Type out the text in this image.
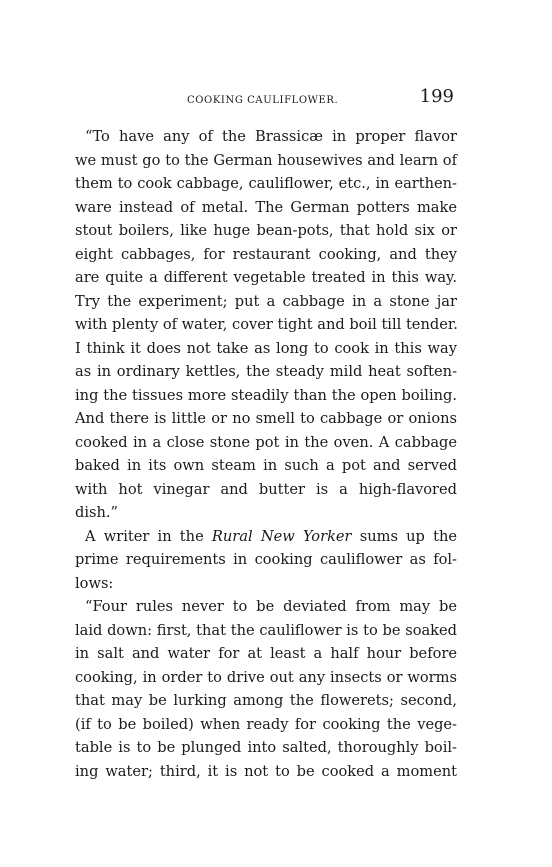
COOKING CAULIFLOWER.	199
“To have any of the Brassicæ in proper flavor
we must go to the German housewives and learn of
them to cook cabbage, cauliflower, etc., in earthen-
ware instead of metal. The German potters make
stout boilers, like huge bean-pots, that hold six or
eight cabbages, for restaurant cooking, and they
are quite a different vegetable treated in this way.
Try the experiment; put a cabbage in a stone jar
with plenty of water, cover tight and boil till tender.
I think it does not take as long to cook in this way
as in ordinary kettles, the steady mild heat soften-
ing the tissues more steadily than the open boiling.
And there is little or no smell to cabbage or onions
cooked in a close stone pot in the oven. A cabbage
baked in its own steam in such a pot and served
with hot vinegar and butter is a high-flavored
dish.”
A writer in the Rural New Yorker sums up the
prime requirements in cooking cauliflower as fol-
lows:
“Four rules never to be deviated from may be
laid down: first, that the cauliflower is to be soaked
in salt and water for at least a half hour before
cooking, in order to drive out any insects or worms
that may be lurking among the flowerets; second,
(if to be boiled) when ready for cooking the vege-
table is to be plunged into salted, thoroughly boil-
ing water; third, it is not to be cooked a moment
